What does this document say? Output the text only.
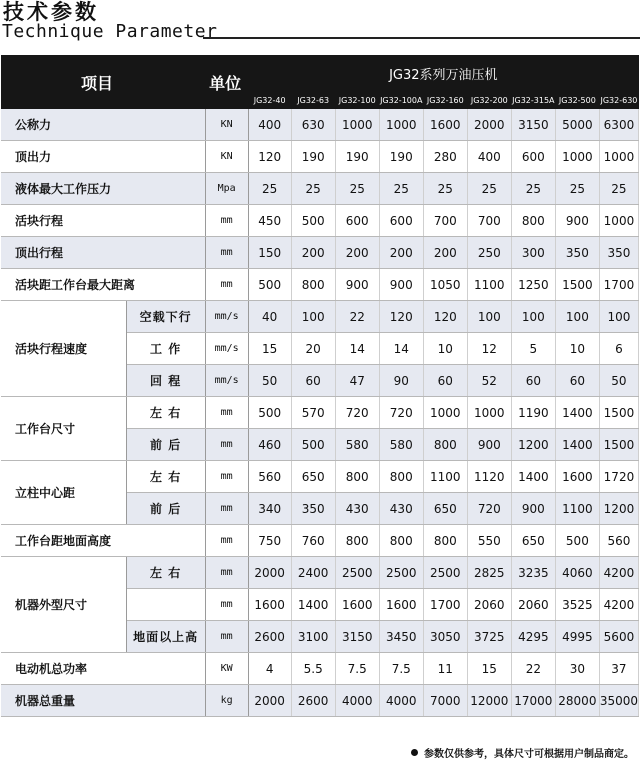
技术参数
Technique Parameter
项目		单位	JG32系列万油压机								
			JG32-40	JG32-63	JG32-100	JG32-100A	JG32-160	JG32-200	JG32-315A	JG32-500	JG32-630
公称力		KN	400	630	1000	1000	1600	2000	3150	5000	6300
顶出力		KN	120	190	190	190	280	400	600	1000	1000
液体最大工作压力		Mpa	25	25	25	25	25	25	25	25	25
活块行程		mm	450	500	600	600	700	700	800	900	1000
顶出行程		mm	150	200	200	200	200	250	300	350	350
活块距工作台最大距离		mm	500	800	900	900	1050	1100	1250	1500	1700
活块行程速度	空载下行	mm/s	40	100	22	120	120	100	100	100	100
	工 作	mm/s	15	20	14	14	10	12	5	10	6
	回 程	mm/s	50	60	47	90	60	52	60	60	50
工作台尺寸	左 右	mm	500	570	720	720	1000	1000	1190	1400	1500
	前 后	mm	460	500	580	580	800	900	1200	1400	1500
立柱中心距	左 右	mm	560	650	800	800	1100	1120	1400	1600	1720
	前 后	mm	340	350	430	430	650	720	900	1100	1200
工作台距地面高度		mm	750	760	800	800	800	550	650	500	560
机器外型尺寸	左 右	mm	2000	2400	2500	2500	2500	2825	3235	4060	4200
		mm	1600	1400	1600	1600	1700	2060	2060	3525	4200
	地面以上高	mm	2600	3100	3150	3450	3050	3725	4295	4995	5600
电动机总功率		KW	4	5.5	7.5	7.5	11	15	22	30	37
机器总重量		kg	2000	2600	4000	4000	7000	12000	17000	28000	35000
参数仅供参考，具体尺寸可根据用户制品商定。
